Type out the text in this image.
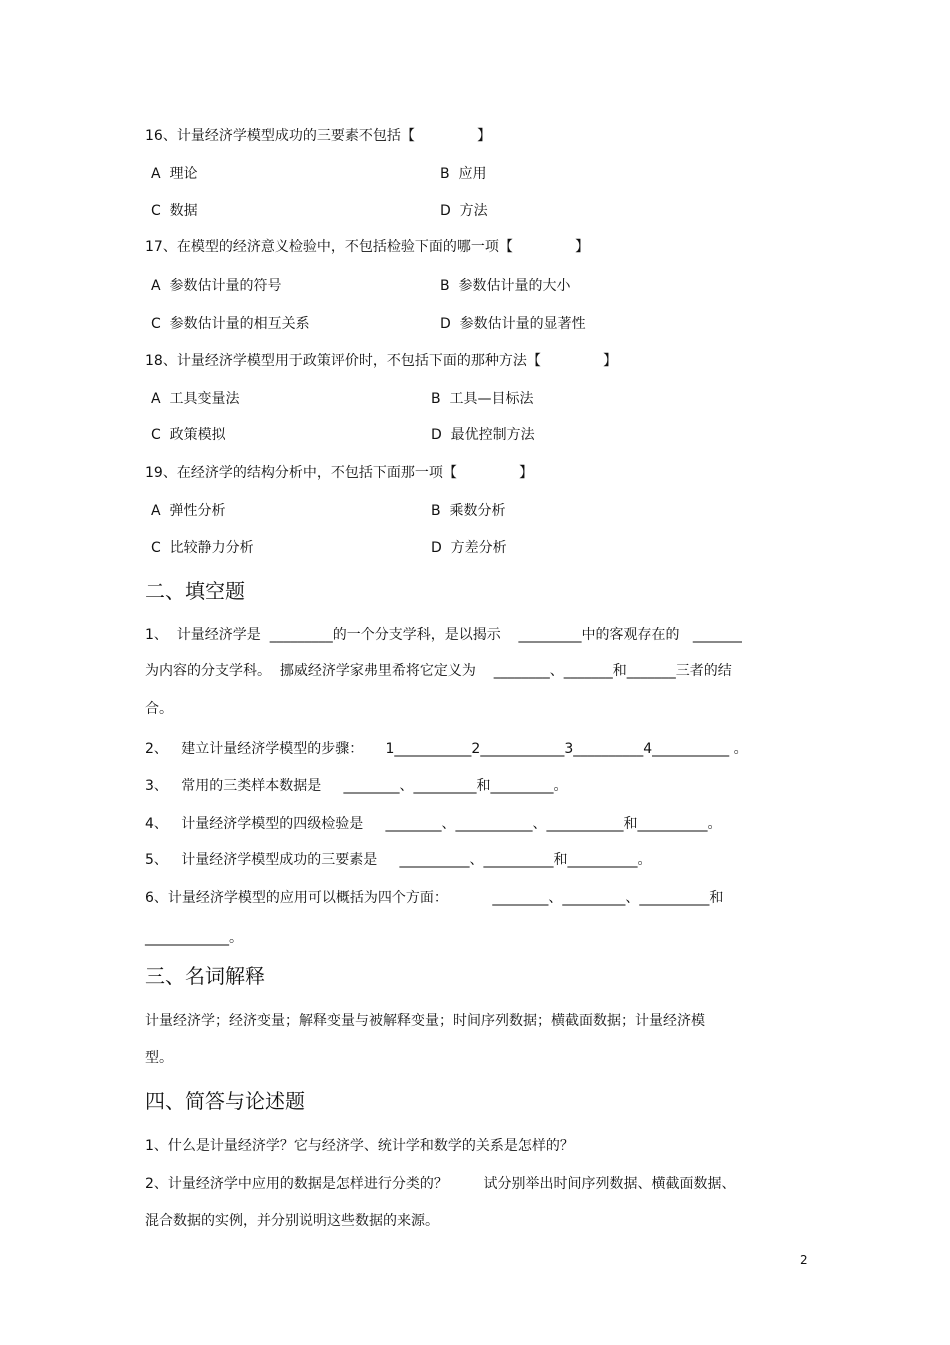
16、计量经济学模型成功的三要素不包括【              】
A  理论	B  应用
C  数据	D  方法
17、在模型的经济意义检验中，不包括检验下面的哪一项【              】
A  参数估计量的符号	B  参数估计量的大小
C  参数估计量的相互关系	D  参数估计量的显著性
18、计量经济学模型用于政策评价时，不包括下面的那种方法【              】
A  工具变量法	B  工具—目标法
C  政策模拟	D  最优控制方法
19、在经济学的结构分析中，不包括下面那一项【              】
A  弹性分析	B  乘数分析
C  比较静力分析	D  方差分析
二、填空题
1、  计量经济学是  _________的一个分支学科，是以揭示    _________中的客观存在的   _______
为内容的分支学科。  挪威经济学家弗里希将它定义为    ________、_______和_______三者的结
合。
2、   建立计量经济学模型的步骤：     1___________2____________3__________4___________ 。
3、   常用的三类样本数据是     ________、_________和_________。
4、   计量经济学模型的四级检验是     ________、___________、___________和__________。
5、   计量经济学模型成功的三要素是     __________、__________和__________。
6、计量经济学模型的应用可以概括为四个方面：          ________、_________、__________和
____________。
三、名词解释
计量经济学；经济变量；解释变量与被解释变量；时间序列数据；横截面数据；计量经济模
型。
四、简答与论述题
1、什么是计量经济学？它与经济学、统计学和数学的关系是怎样的？
2、计量经济学中应用的数据是怎样进行分类的？        试分别举出时间序列数据、横截面数据、
混合数据的实例，并分别说明这些数据的来源。
2
